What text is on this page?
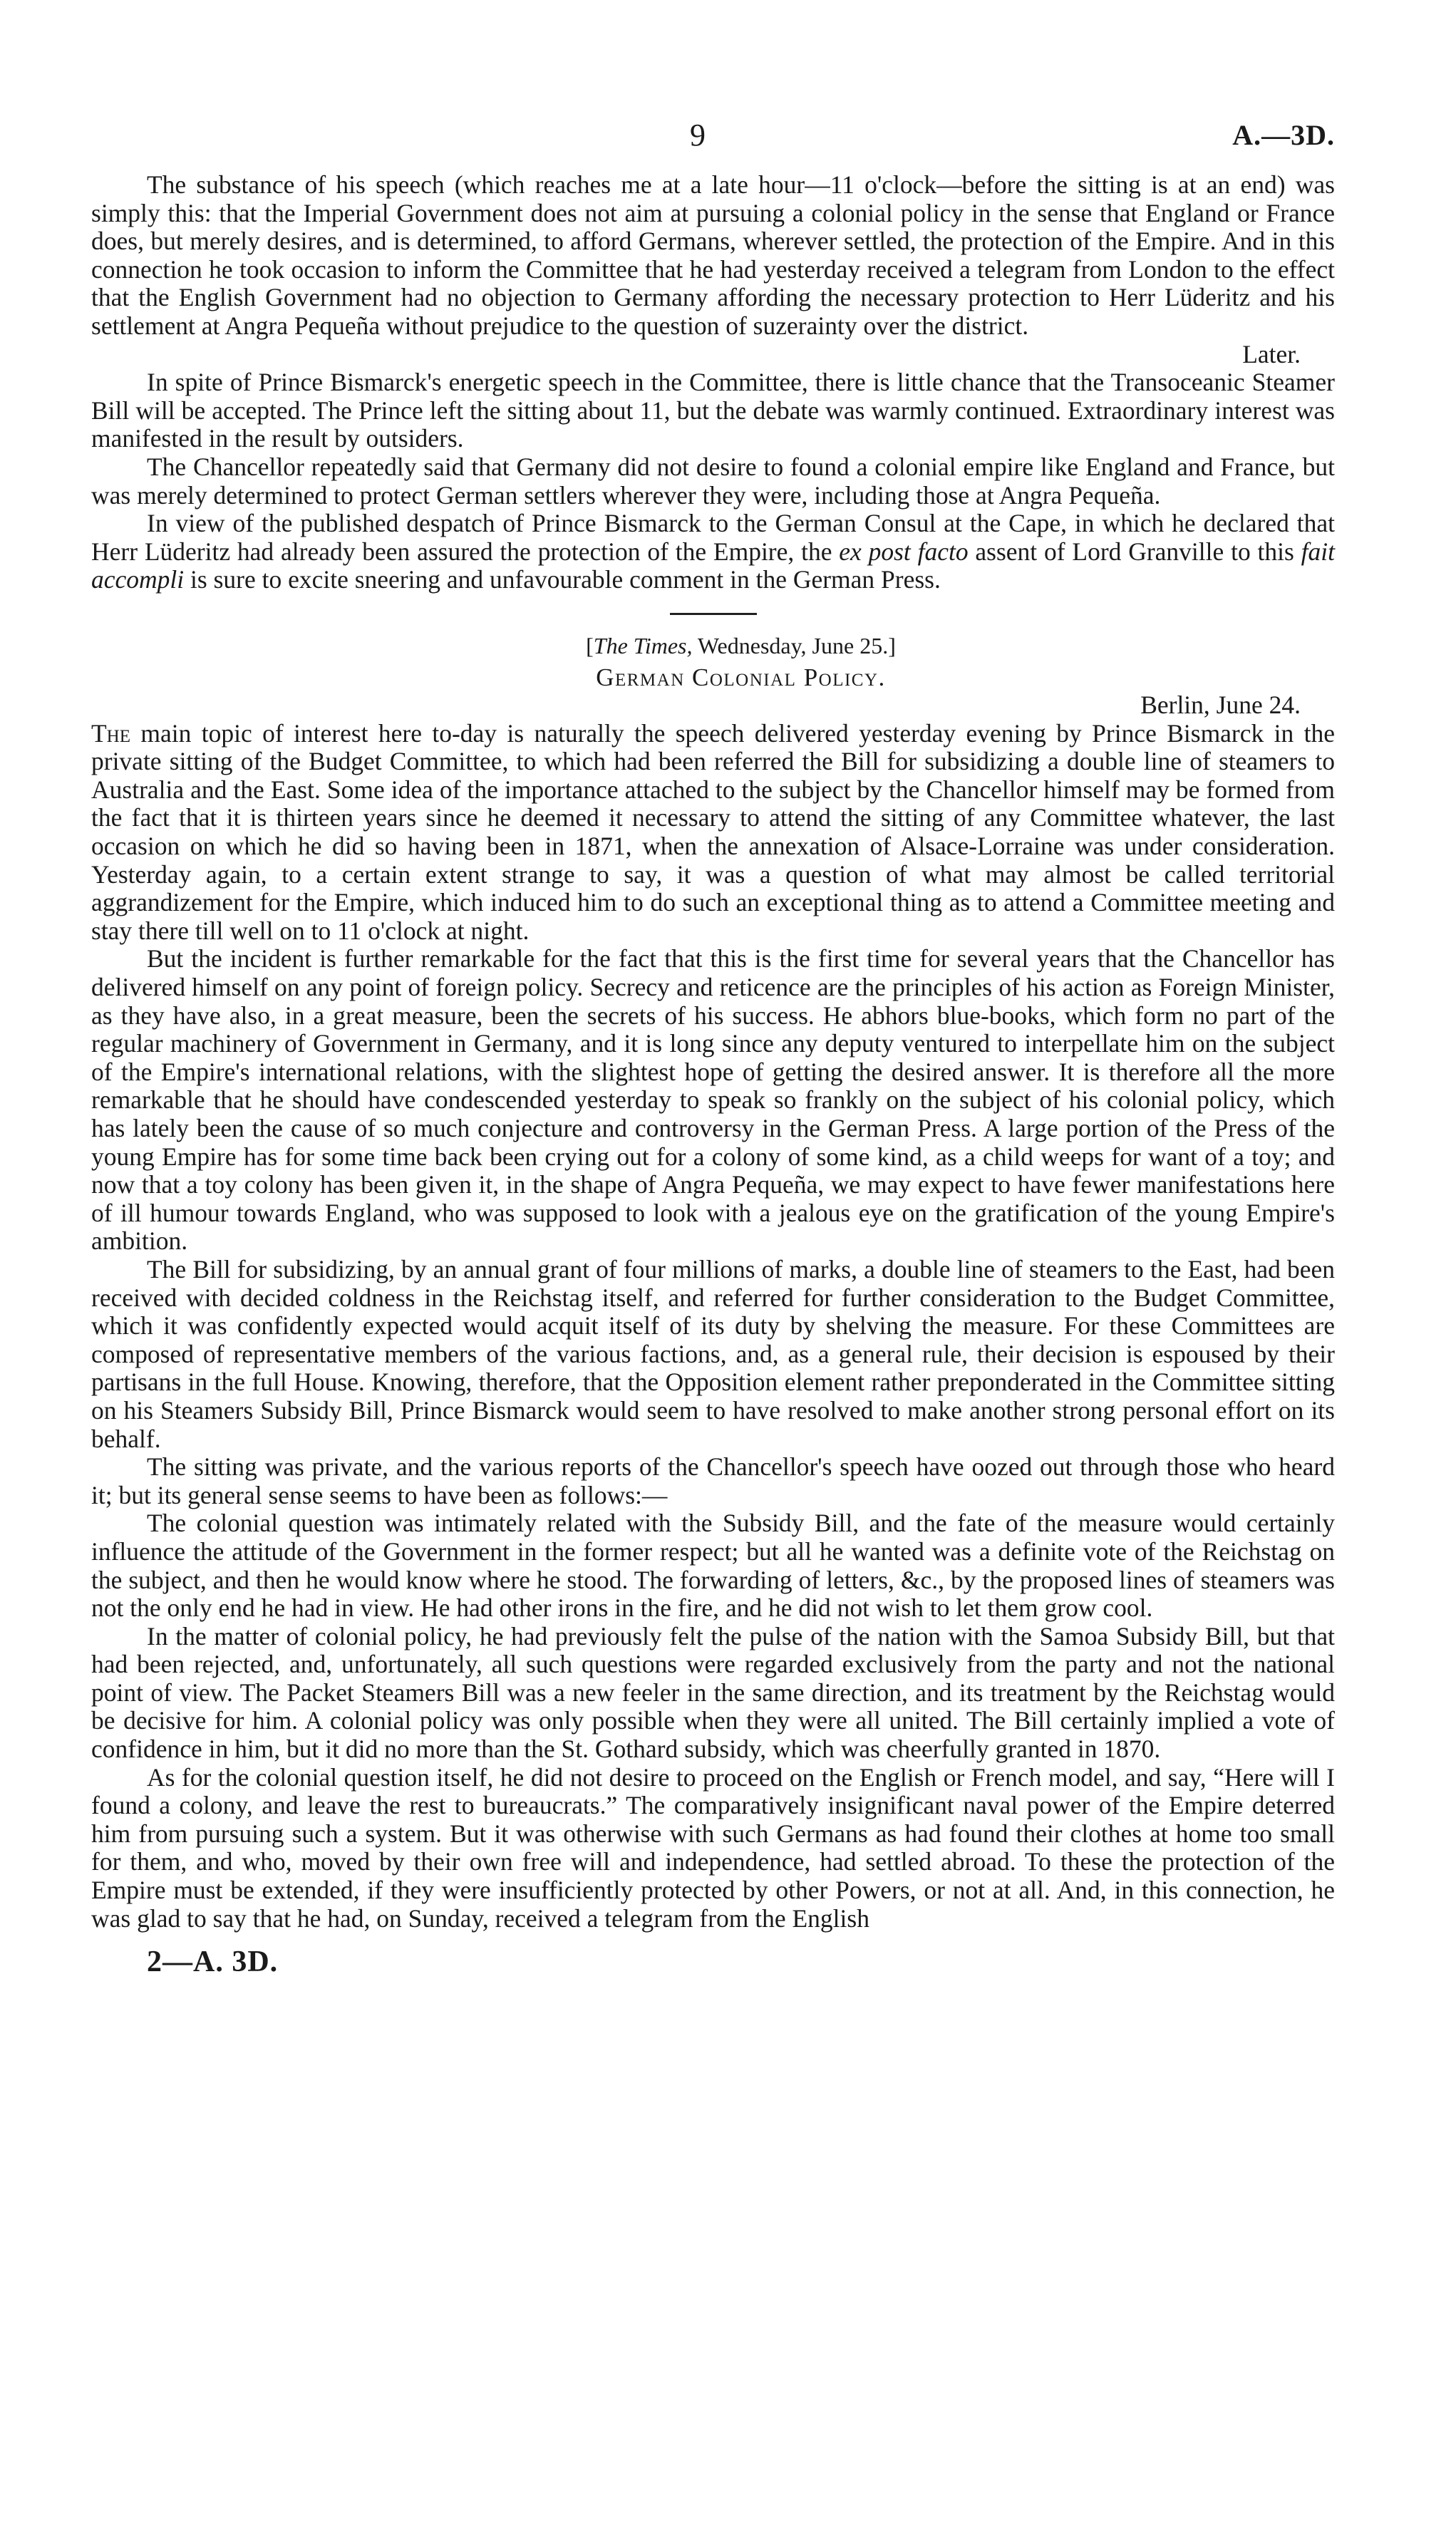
9	A.—3D.

The substance of his speech (which reaches me at a late hour—11 o'clock—before the sitting is at an end) was simply this: that the Imperial Government does not aim at pursuing a colonial policy in the sense that England or France does, but merely desires, and is determined, to afford Germans, wherever settled, the protection of the Empire. And in this connection he took occasion to inform the Committee that he had yesterday received a telegram from London to the effect that the English Government had no objection to Germany affording the necessary protection to Herr Lüderitz and his settlement at Angra Pequeña without prejudice to the question of suzerainty over the district.

Later.

In spite of Prince Bismarck's energetic speech in the Committee, there is little chance that the Transoceanic Steamer Bill will be accepted. The Prince left the sitting about 11, but the debate was warmly continued. Extraordinary interest was manifested in the result by outsiders.

The Chancellor repeatedly said that Germany did not desire to found a colonial empire like England and France, but was merely determined to protect German settlers wherever they were, including those at Angra Pequeña.

In view of the published despatch of Prince Bismarck to the German Consul at the Cape, in which he declared that Herr Lüderitz had already been assured the protection of the Empire, the ex post facto assent of Lord Granville to this fait accompli is sure to excite sneering and unfavourable comment in the German Press.

[The Times, Wednesday, June 25.]

German Colonial Policy.

Berlin, June 24.

The main topic of interest here to-day is naturally the speech delivered yesterday evening by Prince Bismarck in the private sitting of the Budget Committee, to which had been referred the Bill for subsidizing a double line of steamers to Australia and the East. Some idea of the importance attached to the subject by the Chancellor himself may be formed from the fact that it is thirteen years since he deemed it necessary to attend the sitting of any Committee whatever, the last occasion on which he did so having been in 1871, when the annexation of Alsace-Lorraine was under consideration. Yesterday again, to a certain extent strange to say, it was a question of what may almost be called territorial aggrandizement for the Empire, which induced him to do such an exceptional thing as to attend a Committee meeting and stay there till well on to 11 o'clock at night.

But the incident is further remarkable for the fact that this is the first time for several years that the Chancellor has delivered himself on any point of foreign policy. Secrecy and reticence are the principles of his action as Foreign Minister, as they have also, in a great measure, been the secrets of his success. He abhors blue-books, which form no part of the regular machinery of Government in Germany, and it is long since any deputy ventured to interpellate him on the subject of the Empire's international relations, with the slightest hope of getting the desired answer. It is therefore all the more remarkable that he should have condescended yesterday to speak so frankly on the subject of his colonial policy, which has lately been the cause of so much conjecture and controversy in the German Press. A large portion of the Press of the young Empire has for some time back been crying out for a colony of some kind, as a child weeps for want of a toy; and now that a toy colony has been given it, in the shape of Angra Pequeña, we may expect to have fewer manifestations here of ill humour towards England, who was supposed to look with a jealous eye on the gratification of the young Empire's ambition.

The Bill for subsidizing, by an annual grant of four millions of marks, a double line of steamers to the East, had been received with decided coldness in the Reichstag itself, and referred for further consideration to the Budget Committee, which it was confidently expected would acquit itself of its duty by shelving the measure. For these Committees are composed of representative members of the various factions, and, as a general rule, their decision is espoused by their partisans in the full House. Knowing, therefore, that the Opposition element rather preponderated in the Committee sitting on his Steamers Subsidy Bill, Prince Bismarck would seem to have resolved to make another strong personal effort on its behalf.

The sitting was private, and the various reports of the Chancellor's speech have oozed out through those who heard it; but its general sense seems to have been as follows:—

The colonial question was intimately related with the Subsidy Bill, and the fate of the measure would certainly influence the attitude of the Government in the former respect; but all he wanted was a definite vote of the Reichstag on the subject, and then he would know where he stood. The forwarding of letters, &c., by the proposed lines of steamers was not the only end he had in view. He had other irons in the fire, and he did not wish to let them grow cool.

In the matter of colonial policy, he had previously felt the pulse of the nation with the Samoa Subsidy Bill, but that had been rejected, and, unfortunately, all such questions were regarded exclusively from the party and not the national point of view. The Packet Steamers Bill was a new feeler in the same direction, and its treatment by the Reichstag would be decisive for him. A colonial policy was only possible when they were all united. The Bill certainly implied a vote of confidence in him, but it did no more than the St. Gothard subsidy, which was cheerfully granted in 1870.

As for the colonial question itself, he did not desire to proceed on the English or French model, and say, “Here will I found a colony, and leave the rest to bureaucrats.” The comparatively insignificant naval power of the Empire deterred him from pursuing such a system. But it was otherwise with such Germans as had found their clothes at home too small for them, and who, moved by their own free will and independence, had settled abroad. To these the protection of the Empire must be extended, if they were insufficiently protected by other Powers, or not at all. And, in this connection, he was glad to say that he had, on Sunday, received a telegram from the English

2—A. 3D.
